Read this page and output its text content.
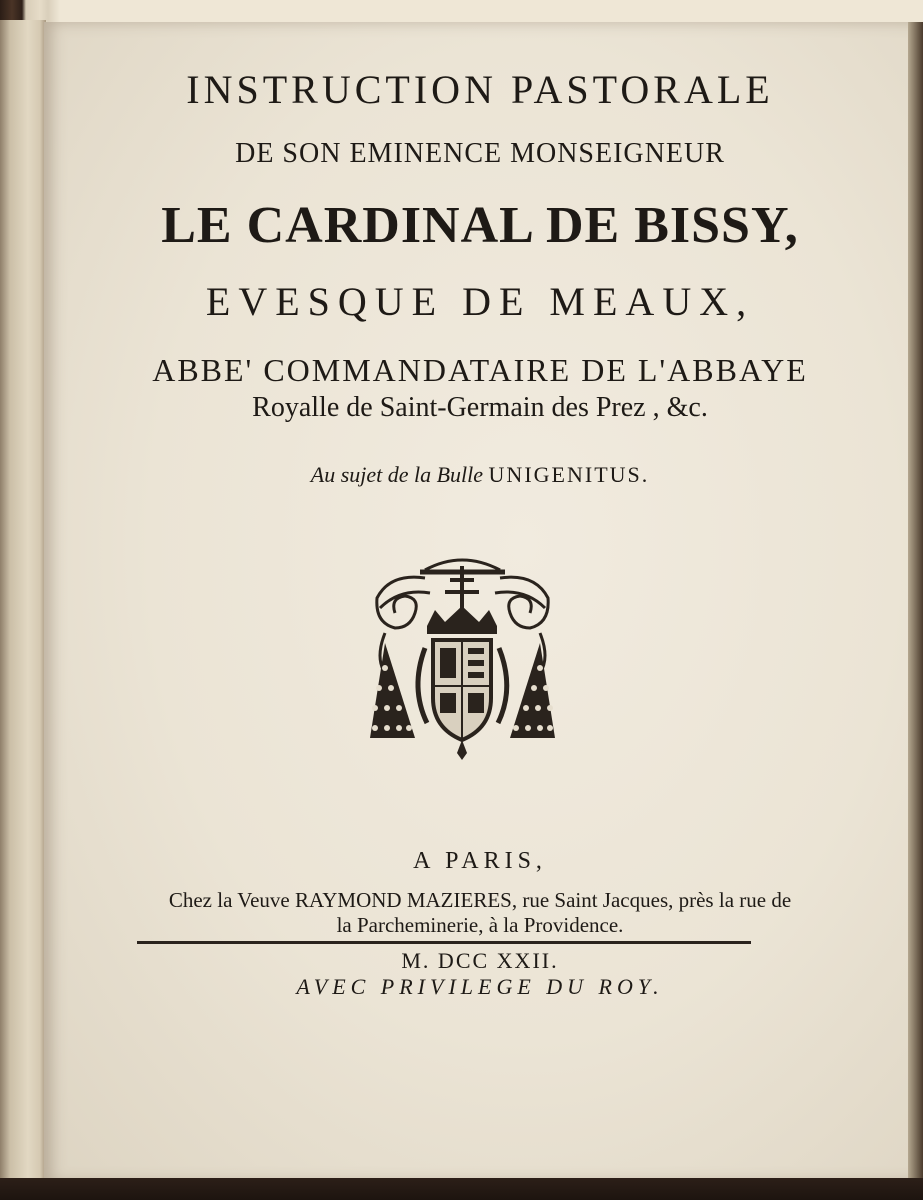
INSTRUCTION PASTORALE
DE SON EMINENCE MONSEIGNEUR
LE CARDINAL DE BISSY,
EVESQUE DE MEAUX,
ABBE' COMMANDATAIRE DE L'ABBAYE
Royalle de Saint-Germain des Prez , &c.
Au sujet de la Bulle UNIGENITUS.
A PARIS,
Chez la Veuve RAYMOND MAZIERES, rue Saint Jacques, près la rue de
la Parcheminerie, à la Providence.
M. DCC XXII.
AVEC PRIVILEGE DU ROY.
